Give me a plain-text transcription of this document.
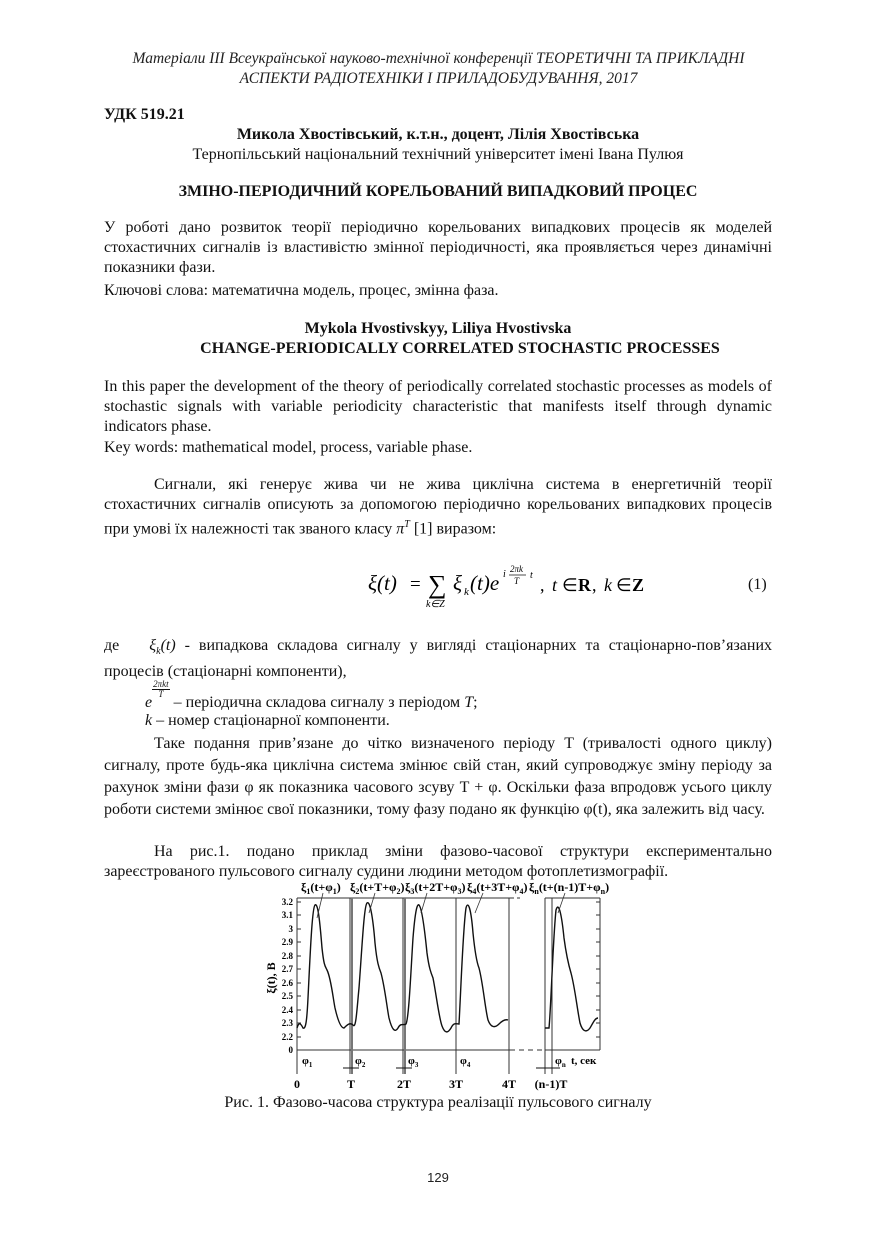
Матеріали ІІІ Всеукраїнської науково-технічної конференції ТЕОРЕТИЧНІ ТА ПРИКЛАДНІ
АСПЕКТИ РАДІОТЕХНІКИ І ПРИЛАДОБУДУВАННЯ, 2017
УДК 519.21
Микола Хвостівський, к.т.н., доцент, Лілія Хвостівська
Тернопільський національний технічний університет імені Івана Пулюя
ЗМІНО-ПЕРІОДИЧНИЙ КОРЕЛЬОВАНИЙ ВИПАДКОВИЙ ПРОЦЕС
У роботі дано розвиток теорії періодично корельованих випадкових процесів як моделей стохастичних сигналів із властивістю змінної періодичності, яка проявляється через динамічні показники фази.
Ключові слова: математична модель, процес, змінна фаза.
Mykola Hvostivskyy, Liliya Hvostivska
CHANGE-PERIODICALLY CORRELATED STOCHASTIC PROCESSES
In this paper the development of the theory of periodically correlated stochastic processes as models of stochastic signals with variable periodicity characteristic that manifests itself through dynamic indicators phase.
Key words: mathematical model, process, variable phase.
Сигнали, які генерує жива чи не жива циклічна система в енергетичній теорії стохастичних сигналів описують за допомогою періодично корельованих випадкових процесів при умові їх належності так званого класу $\pi^T$ [1] виразом:
ξ(t) = ∑
k∈Z
ξ k (t)e i 2πk
T t , t ∈ R , k ∈ Z	(1)
де $\xi_k(t)$ - випадкова складова сигналу у вигляді стаціонарних та стаціонарно-пов’язаних процесів (стаціонарні компоненти),
e
$\frac{\text{2πkt}}{T}$
– періодична складова сигналу з періодом T;
k – номер стаціонарної компоненти.
Таке подання прив’язане до чітко визначеного періоду T (тривалості одного циклу) сигналу, проте будь-яка циклічна система змінює свій стан, який супроводжує зміну періоду за рахунок зміни фази φ як показника часового зсуву T + φ. Оскільки фаза впродовж усього циклу роботи системи змінює свої показники, тому фазу подано як функцію φ(t), яка залежить від часу.
На рис.1. подано приклад зміни фазово-часової структури експериментально зареєстрованого пульсового сигналу судини людини методом фотоплетизмографії.
$\xi_1(t+\varphi_1)$ $\xi_2(t+T+\varphi_2)$ $\xi_3(t+2T+\varphi_3)$ $\xi_4(t+3T+\varphi_4)$ $\xi_n(t+(n-1)T+\varphi_n)$
3.2
3.1
3
2.9
2.8
2.7
2.6
2.5
2.4
2.3
2.2
0
ξ(t), В
$\varphi_1$	$\varphi_2$	$\varphi_3$	$\varphi_4$	$\varphi_n$ t, сек
0	T	2T	3T	4T (n-1)T
Рис. 1. Фазово-часова структура реалізації пульсового сигналу
129
